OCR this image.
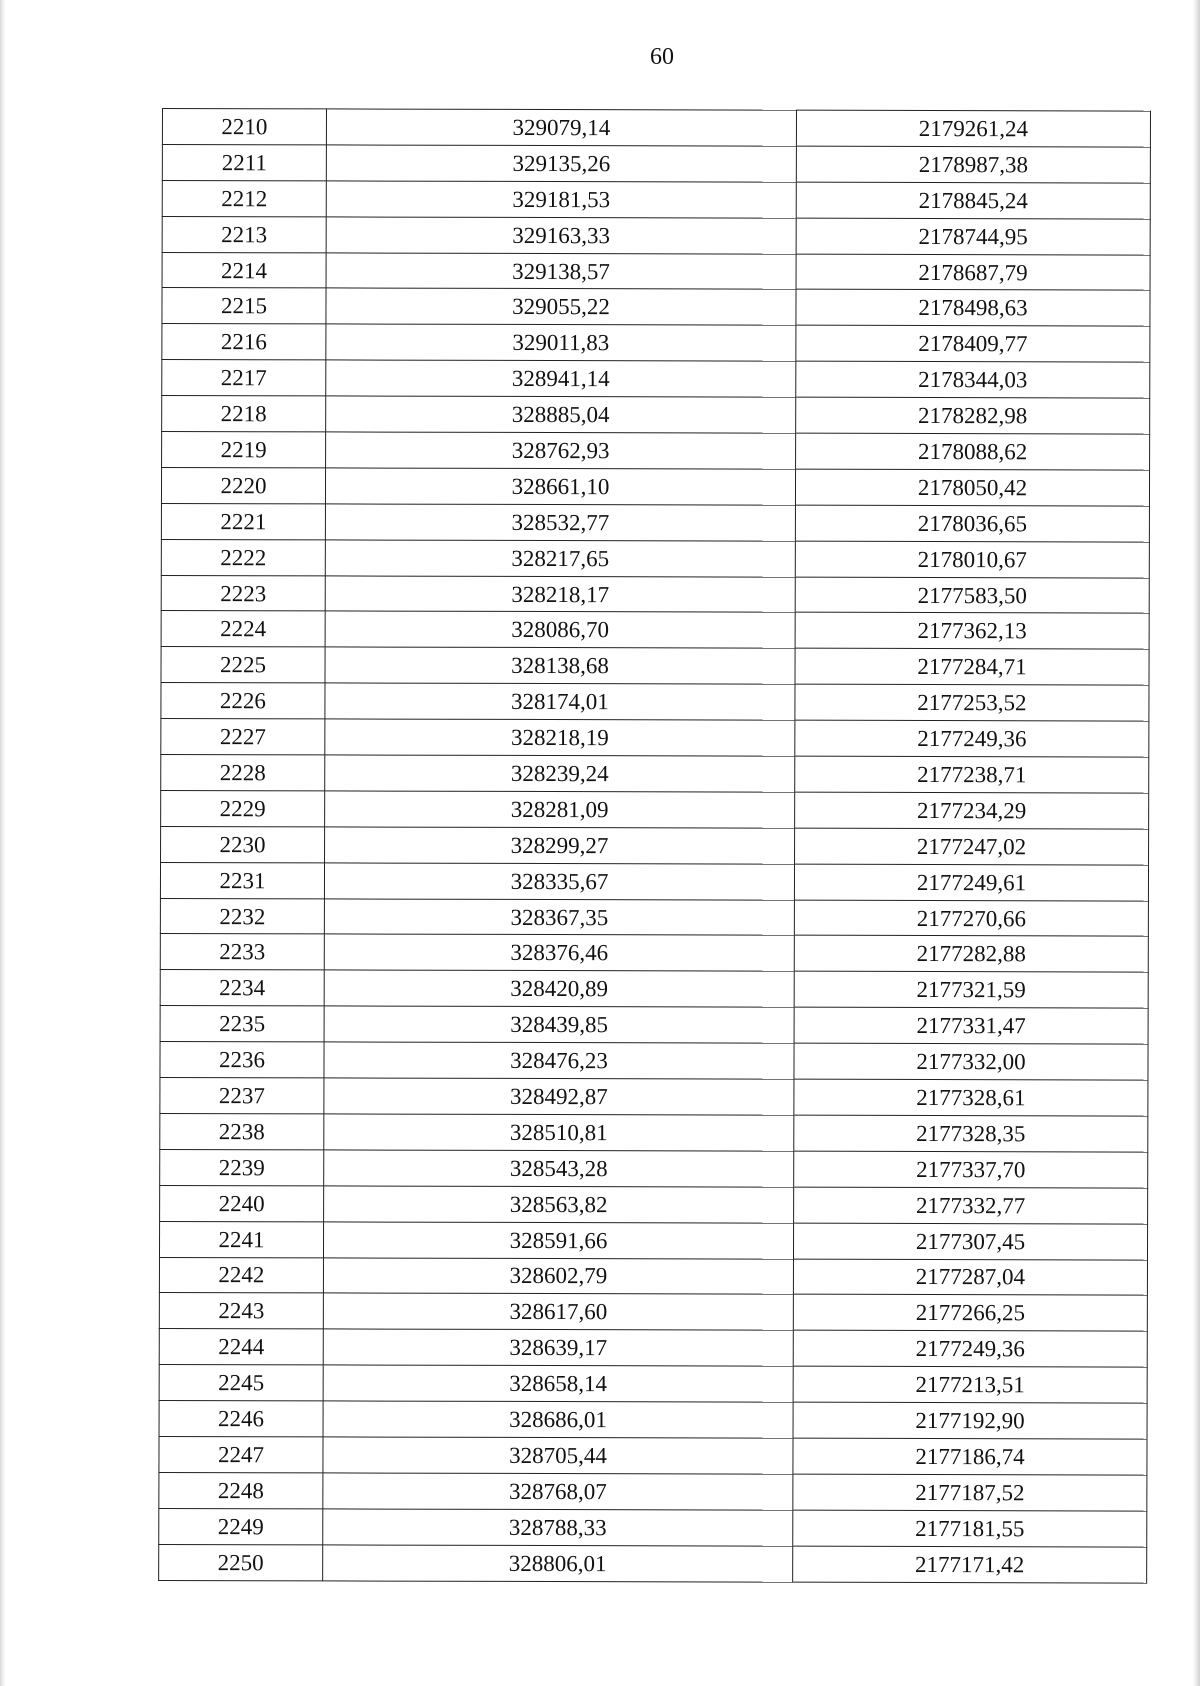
60
2210	329079,14	2179261,24
2211	329135,26	2178987,38
2212	329181,53	2178845,24
2213	329163,33	2178744,95
2214	329138,57	2178687,79
2215	329055,22	2178498,63
2216	329011,83	2178409,77
2217	328941,14	2178344,03
2218	328885,04	2178282,98
2219	328762,93	2178088,62
2220	328661,10	2178050,42
2221	328532,77	2178036,65
2222	328217,65	2178010,67
2223	328218,17	2177583,50
2224	328086,70	2177362,13
2225	328138,68	2177284,71
2226	328174,01	2177253,52
2227	328218,19	2177249,36
2228	328239,24	2177238,71
2229	328281,09	2177234,29
2230	328299,27	2177247,02
2231	328335,67	2177249,61
2232	328367,35	2177270,66
2233	328376,46	2177282,88
2234	328420,89	2177321,59
2235	328439,85	2177331,47
2236	328476,23	2177332,00
2237	328492,87	2177328,61
2238	328510,81	2177328,35
2239	328543,28	2177337,70
2240	328563,82	2177332,77
2241	328591,66	2177307,45
2242	328602,79	2177287,04
2243	328617,60	2177266,25
2244	328639,17	2177249,36
2245	328658,14	2177213,51
2246	328686,01	2177192,90
2247	328705,44	2177186,74
2248	328768,07	2177187,52
2249	328788,33	2177181,55
2250	328806,01	2177171,42
